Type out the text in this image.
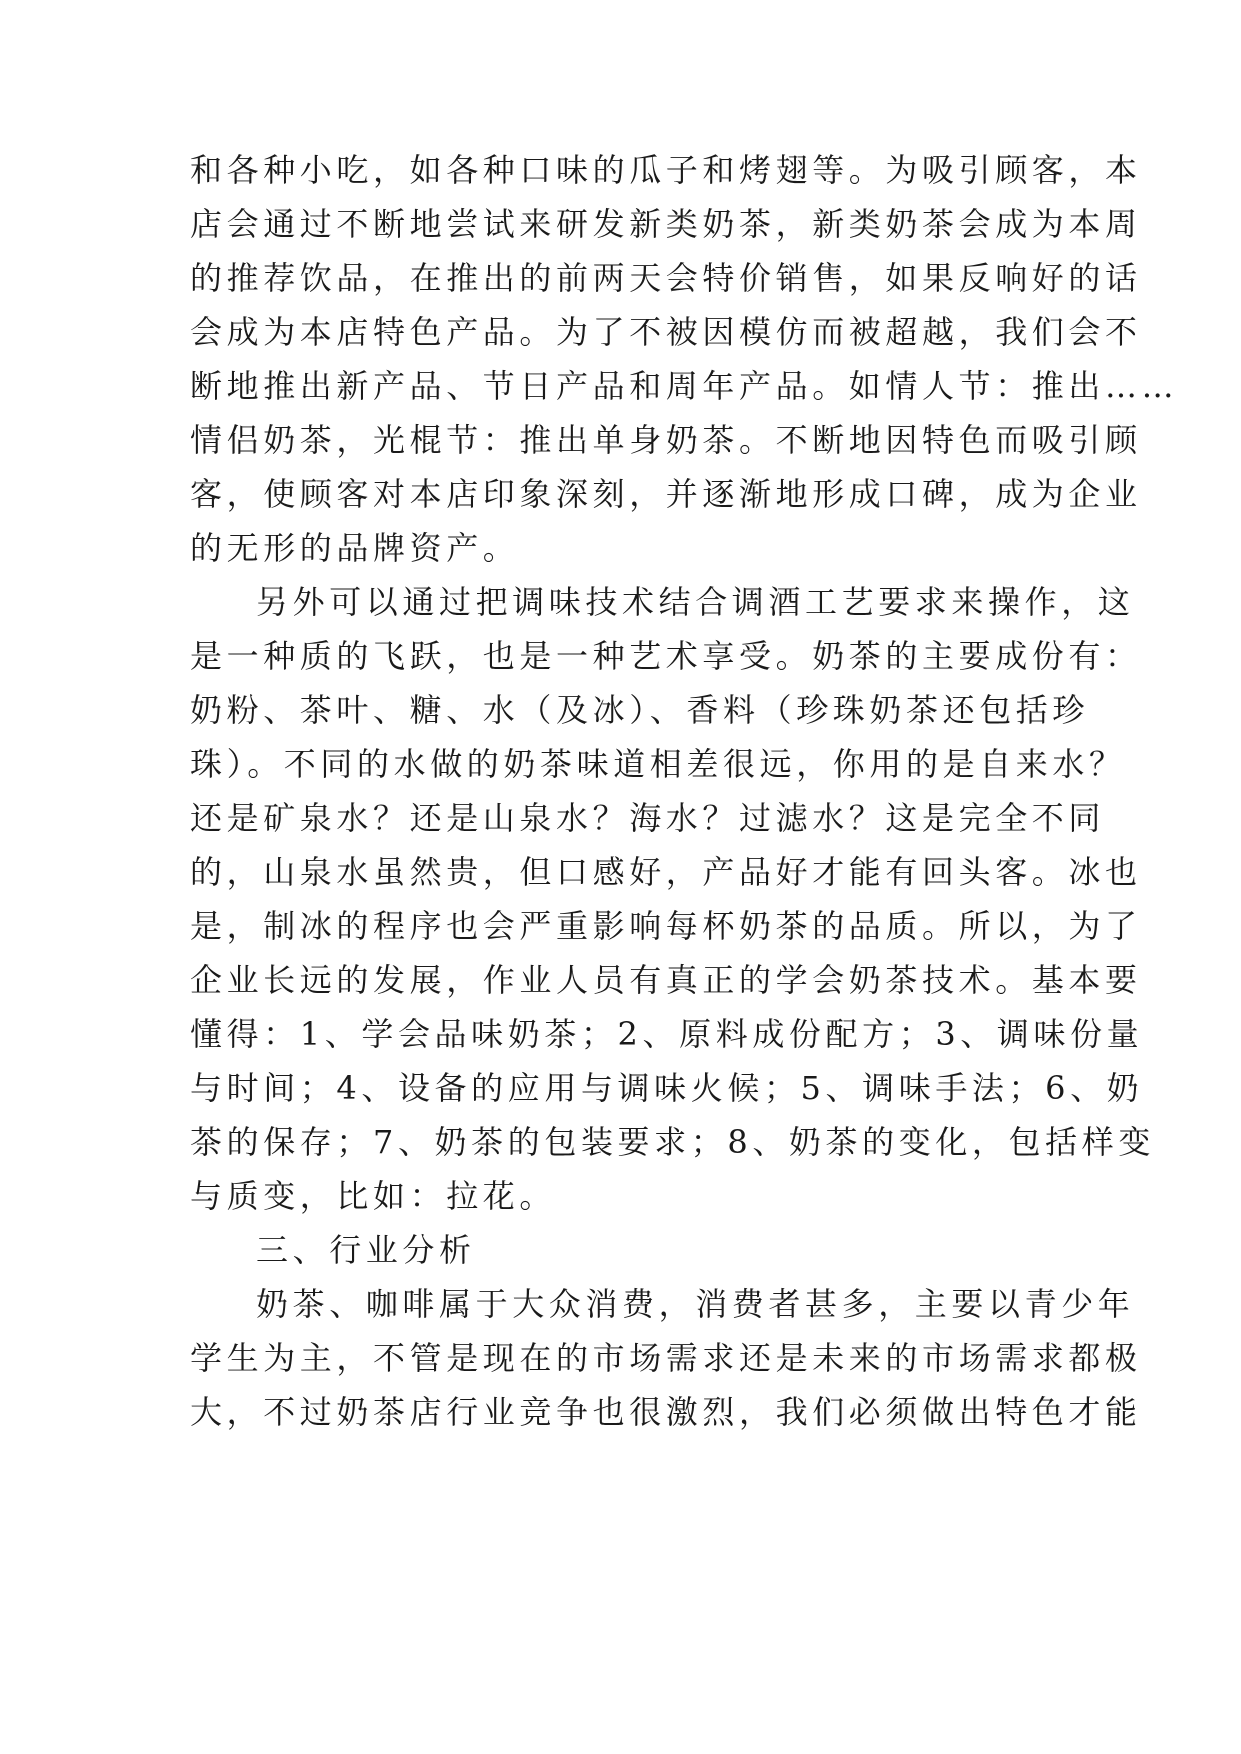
和各种小吃，如各种口味的瓜子和烤翅等。为吸引顾客，本
店会通过不断地尝试来研发新类奶茶，新类奶茶会成为本周
的推荐饮品，在推出的前两天会特价销售，如果反响好的话
会成为本店特色产品。为了不被因模仿而被超越，我们会不
断地推出新产品、节日产品和周年产品。如情人节：推出……
情侣奶茶，光棍节：推出单身奶茶。不断地因特色而吸引顾
客，使顾客对本店印象深刻，并逐渐地形成口碑，成为企业
的无形的品牌资产。
另外可以通过把调味技术结合调酒工艺要求来操作，这
是一种质的飞跃，也是一种艺术享受。奶茶的主要成份有：
奶粉、茶叶、糖、水（及冰）、香料（珍珠奶茶还包括珍
珠）。不同的水做的奶茶味道相差很远，你用的是自来水？
还是矿泉水？还是山泉水？海水？过滤水？这是完全不同
的，山泉水虽然贵，但口感好，产品好才能有回头客。冰也
是，制冰的程序也会严重影响每杯奶茶的品质。所以，为了
企业长远的发展，作业人员有真正的学会奶茶技术。基本要
懂得：1、学会品味奶茶；2、原料成份配方；3、调味份量
与时间；4、设备的应用与调味火候；5、调味手法；6、奶
茶的保存；7、奶茶的包装要求；8、奶茶的变化，包括样变
与质变，比如：拉花。
三、行业分析
奶茶、咖啡属于大众消费，消费者甚多，主要以青少年
学生为主，不管是现在的市场需求还是未来的市场需求都极
大，不过奶茶店行业竞争也很激烈，我们必须做出特色才能
